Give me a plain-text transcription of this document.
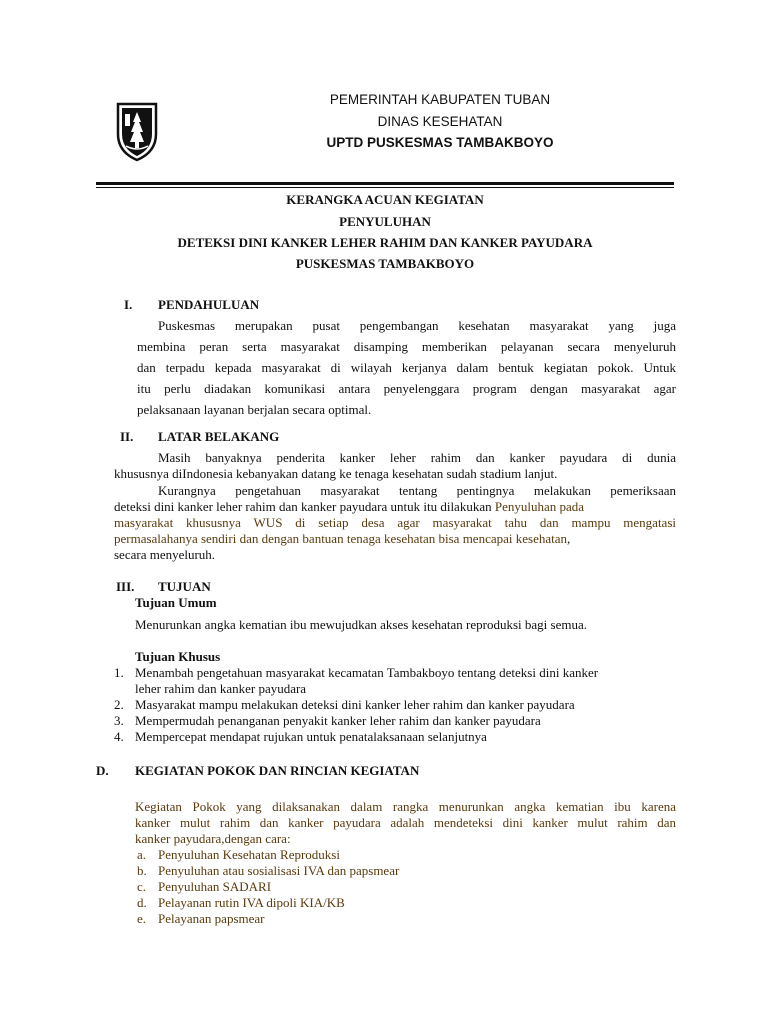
PEMERINTAH KABUPATEN TUBAN
DINAS KESEHATAN
UPTD PUSKESMAS TAMBAKBOYO
KERANGKA ACUAN KEGIATAN
PENYULUHAN
DETEKSI DINI KANKER LEHER RAHIM DAN KANKER PAYUDARA
PUSKESMAS TAMBAKBOYO
I. PENDAHULUAN
Puskesmas merupakan pusat pengembangan kesehatan masyarakat yang juga
membina peran serta masyarakat disamping memberikan pelayanan secara menyeluruh
dan terpadu kepada masyarakat di wilayah kerjanya dalam bentuk kegiatan pokok. Untuk
itu perlu diadakan komunikasi antara penyelenggara program dengan masyarakat agar
pelaksanaan layanan berjalan secara optimal.
II. LATAR BELAKANG
Masih banyaknya penderita kanker leher rahim dan kanker payudara di dunia
khususnya diIndonesia kebanyakan datang ke tenaga kesehatan sudah stadium lanjut.
Kurangnya pengetahuan masyarakat tentang pentingnya melakukan pemeriksaan
deteksi dini kanker leher rahim dan kanker payudara untuk itu dilakukan Penyuluhan pada
masyarakat khususnya WUS di setiap desa agar masyarakat tahu dan mampu mengatasi
permasalahanya sendiri dan dengan bantuan tenaga kesehatan bisa mencapai kesehatan,
secara menyeluruh.
III. TUJUAN
Tujuan Umum
Menurunkan angka kematian ibu mewujudkan akses kesehatan reproduksi bagi semua.
Tujuan Khusus
1. Menambah pengetahuan masyarakat kecamatan Tambakboyo tentang deteksi dini kanker
leher rahim dan kanker payudara
2. Masyarakat mampu melakukan deteksi dini kanker leher rahim dan kanker payudara
3. Mempermudah penanganan penyakit kanker leher rahim dan kanker payudara
4. Mempercepat mendapat rujukan untuk penatalaksanaan selanjutnya
D. KEGIATAN POKOK DAN RINCIAN KEGIATAN
Kegiatan Pokok yang dilaksanakan dalam rangka menurunkan angka kematian ibu karena
kanker mulut rahim dan kanker payudara adalah mendeteksi dini kanker mulut rahim dan
kanker payudara,dengan cara:
a. Penyuluhan Kesehatan Reproduksi
b. Penyuluhan atau sosialisasi IVA dan papsmear
c. Penyuluhan SADARI
d. Pelayanan rutin IVA dipoli KIA/KB
e. Pelayanan papsmear
